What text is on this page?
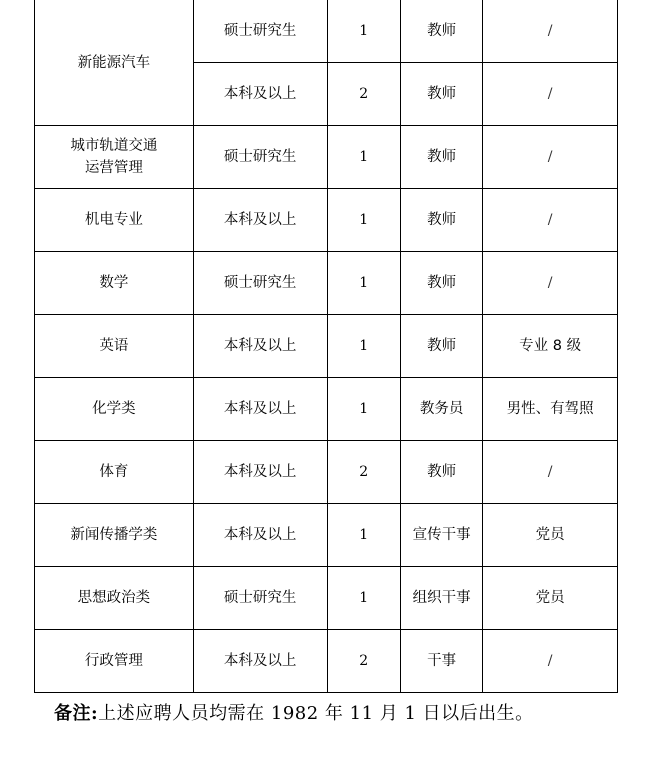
新能源汽车	硕士研究生	1	教师	/
	本科及以上	2	教师	/

城市轨道交通
运营管理	硕士研究生	1	教师	/

机电专业	本科及以上	1	教师	/

数学	硕士研究生	1	教师	/

英语	本科及以上	1	教师	专业 8 级

化学类	本科及以上	1	教务员	男性、有驾照

体育	本科及以上	2	教师	/

新闻传播学类	本科及以上	1	宣传干事	党员

思想政治类	硕士研究生	1	组织干事	党员

行政管理	本科及以上	2	干事	/
备注:上述应聘人员均需在 1982 年 11 月 1 日以后出生。
